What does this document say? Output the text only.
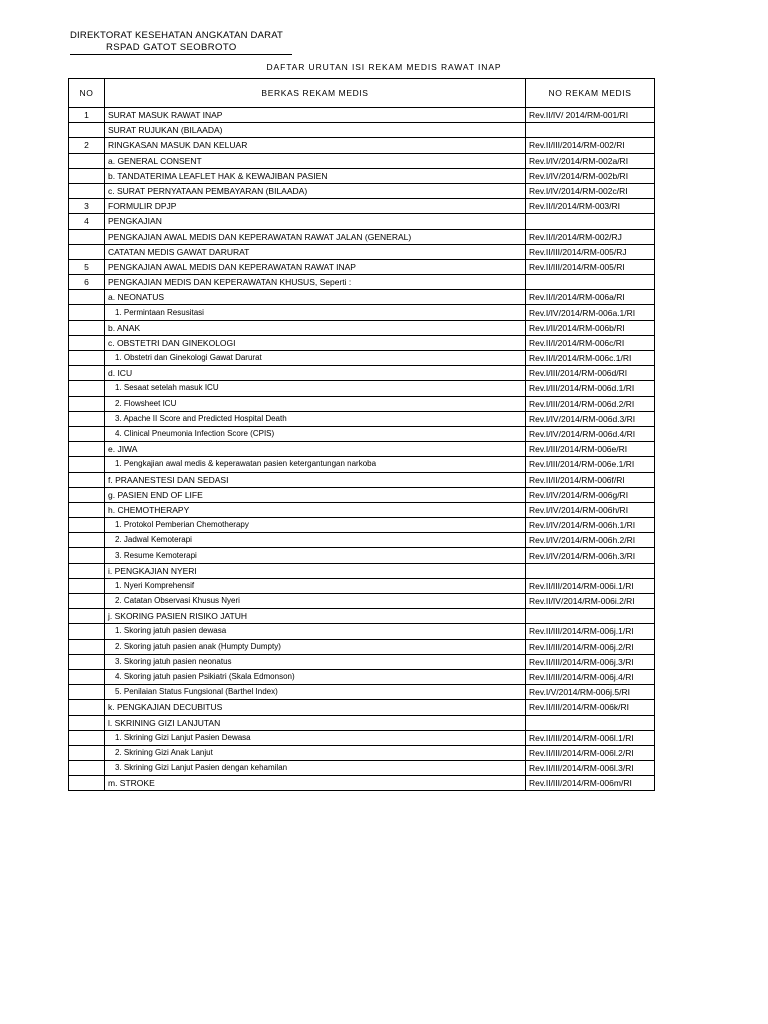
DIREKTORAT KESEHATAN ANGKATAN DARAT
RSPAD GATOT SEOBROTO
DAFTAR URUTAN ISI REKAM MEDIS RAWAT INAP
NO	BERKAS REKAM MEDIS	NO REKAM MEDIS
1	SURAT MASUK RAWAT INAP	Rev.II/IV/ 2014/RM-001/RI
	SURAT RUJUKAN (BILAADA)	
2	RINGKASAN MASUK DAN KELUAR	Rev.II/III/2014/RM-002/RI
	a. GENERAL CONSENT	Rev.I/IV/2014/RM-002a/RI
	b. TANDATERIMA LEAFLET HAK & KEWAJIBAN PASIEN	Rev.I/IV/2014/RM-002b/RI
	c. SURAT PERNYATAAN PEMBAYARAN (BILAADA)	Rev.I/IV/2014/RM-002c/RI
3	FORMULIR DPJP	Rev.II/I/2014/RM-003/RI
4	PENGKAJIAN	
	PENGKAJIAN AWAL MEDIS DAN KEPERAWATAN RAWAT JALAN (GENERAL)	Rev.II/I/2014/RM-002/RJ
	CATATAN MEDIS GAWAT DARURAT	Rev.II/III/2014/RM-005/RJ
5	PENGKAJIAN AWAL MEDIS DAN KEPERAWATAN RAWAT INAP	Rev.II/III/2014/RM-005/RI
6	PENGKAJIAN MEDIS DAN KEPERAWATAN KHUSUS, Seperti :	
	a. NEONATUS	Rev.II/I/2014/RM-006a/RI
	1. Permintaan Resusitasi	Rev.I/IV/2014/RM-006a.1/RI
	b. ANAK	Rev.I/II/2014/RM-006b/RI
	c. OBSTETRI DAN GINEKOLOGI	Rev.II/I/2014/RM-006c/RI
	1. Obstetri dan Ginekologi Gawat Darurat	Rev.II/I/2014/RM-006c.1/RI
	d. ICU	Rev.I/III/2014/RM-006d/RI
	1. Sesaat setelah masuk ICU	Rev.I/III/2014/RM-006d.1/RI
	2. Flowsheet ICU	Rev.I/III/2014/RM-006d.2/RI
	3. Apache II Score and Predicted Hospital Death	Rev.I/IV/2014/RM-006d.3/RI
	4. Clinical Pneumonia Infection Score (CPIS)	Rev.I/IV/2014/RM-006d.4/RI
	e. JIWA	Rev.I/III/2014/RM-006e/RI
	1. Pengkajian awal medis & keperawatan pasien ketergantungan narkoba	Rev.I/III/2014/RM-006e.1/RI
	f. PRAANESTESI DAN SEDASI	Rev.II/II/2014/RM-006f/RI
	g. PASIEN END OF LIFE	Rev.I/IV/2014/RM-006g/RI
	h. CHEMOTHERAPY	Rev.I/IV/2014/RM-006h/RI
	1. Protokol Pemberian Chemotherapy	Rev.I/IV/2014/RM-006h.1/RI
	2. Jadwal Kemoterapi	Rev.I/IV/2014/RM-006h.2/RI
	3. Resume Kemoterapi	Rev.I/IV/2014/RM-006h.3/RI
	i. PENGKAJIAN NYERI	
	1. Nyeri Komprehensif	Rev.II/III/2014/RM-006i.1/RI
	2. Catatan Observasi Khusus Nyeri	Rev.II/IV/2014/RM-006i.2/RI
	j. SKORING PASIEN RISIKO JATUH	
	1. Skoring jatuh pasien dewasa	Rev.II/III/2014/RM-006j.1/RI
	2. Skoring jatuh pasien anak (Humpty Dumpty)	Rev.II/III/2014/RM-006j.2/RI
	3. Skoring jatuh pasien neonatus	Rev.II/III/2014/RM-006j.3/RI
	4. Skoring jatuh pasien Psikiatri (Skala Edmonson)	Rev.II/III/2014/RM-006j.4/RI
	5. Penilaian Status Fungsional (Barthel Index)	Rev.I/V/2014/RM-006j.5/RI
	k. PENGKAJIAN DECUBITUS	Rev.II/III/2014/RM-006k/RI
	l. SKRINING GIZI LANJUTAN	
	1. Skrining Gizi Lanjut Pasien Dewasa	Rev.II/III/2014/RM-006l.1/RI
	2. Skrining Gizi Anak Lanjut	Rev.II/III/2014/RM-006l.2/RI
	3. Skrining Gizi Lanjut Pasien dengan kehamilan	Rev.II/III/2014/RM-006l.3/RI
	m. STROKE	Rev.II/III/2014/RM-006m/RI
